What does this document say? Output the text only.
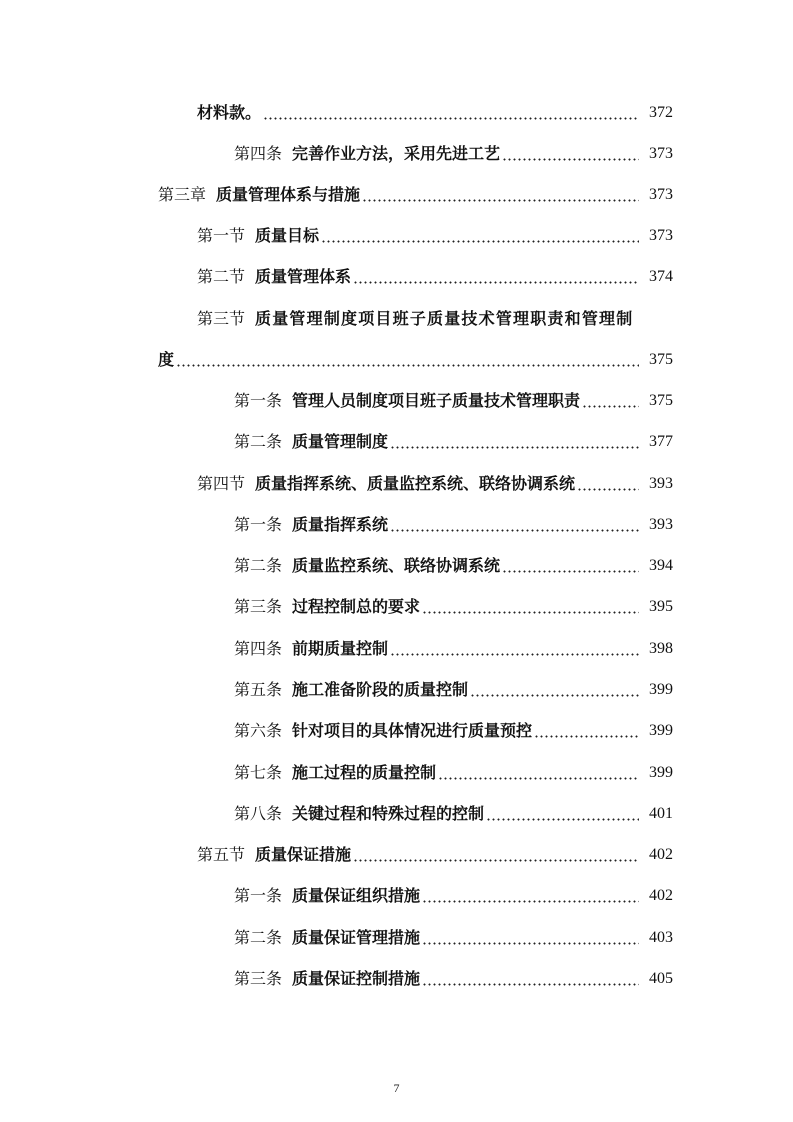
材料款。	372
第四条 完善作业方法，采用先进工艺	373
第三章 质量管理体系与措施	373
第一节 质量目标	373
第二节 质量管理体系	374
第三节 质量管理制度项目班子质量技术管理职责和管理制
度	375
第一条 管理人员制度项目班子质量技术管理职责	375
第二条 质量管理制度	377
第四节 质量指挥系统、质量监控系统、联络协调系统	393
第一条 质量指挥系统	393
第二条 质量监控系统、联络协调系统	394
第三条 过程控制总的要求	395
第四条 前期质量控制	398
第五条 施工准备阶段的质量控制	399
第六条 针对项目的具体情况进行质量预控	399
第七条 施工过程的质量控制	399
第八条 关键过程和特殊过程的控制	401
第五节 质量保证措施	402
第一条 质量保证组织措施	402
第二条 质量保证管理措施	403
第三条 质量保证控制措施	405
7
